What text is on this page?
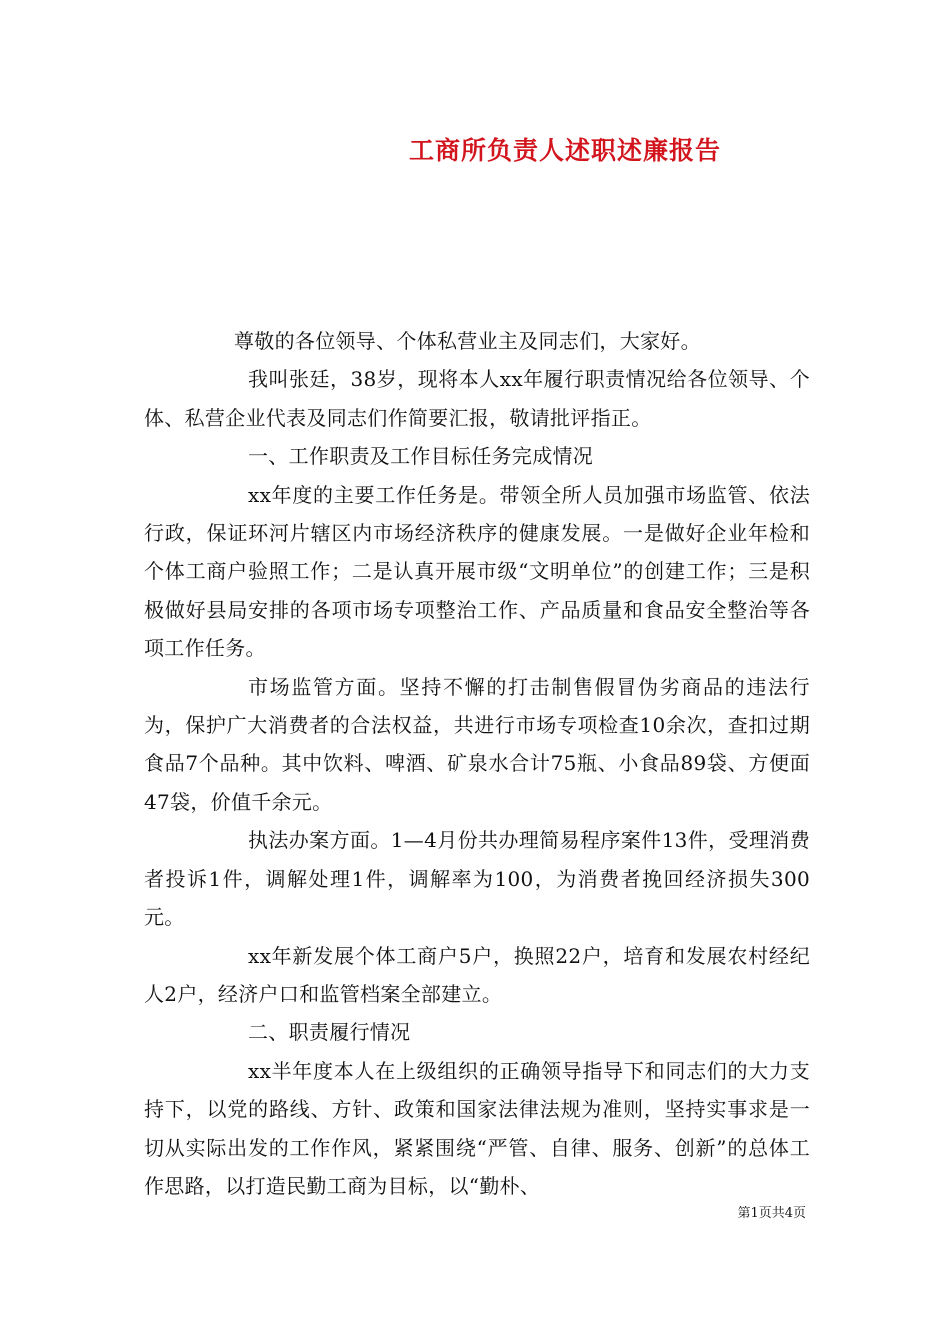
工商所负责人述职述廉报告

尊敬的各位领导、个体私营业主及同志们，大家好。

我叫张廷，38岁，现将本人xx年履行职责情况给各位领导、个体、私营企业代表及同志们作简要汇报，敬请批评指正。

一、工作职责及工作目标任务完成情况

xx年度的主要工作任务是。带领全所人员加强市场监管、依法行政，保证环河片辖区内市场经济秩序的健康发展。一是做好企业年检和个体工商户验照工作；二是认真开展市级“文明单位”的创建工作；三是积极做好县局安排的各项市场专项整治工作、产品质量和食品安全整治等各项工作任务。

市场监管方面。坚持不懈的打击制售假冒伪劣商品的违法行为，保护广大消费者的合法权益，共进行市场专项检查10余次，查扣过期食品7个品种。其中饮料、啤酒、矿泉水合计75瓶、小食品89袋、方便面47袋，价值千余元。

执法办案方面。1—4月份共办理简易程序案件13件，受理消费者投诉1件，调解处理1件，调解率为100，为消费者挽回经济损失300元。

xx年新发展个体工商户5户，换照22户，培育和发展农村经纪人2户，经济户口和监管档案全部建立。

二、职责履行情况

xx半年度本人在上级组织的正确领导指导下和同志们的大力支持下，以党的路线、方针、政策和国家法律法规为准则，坚持实事求是一切从实际出发的工作作风，紧紧围绕“严管、自律、服务、创新”的总体工作思路，以打造民勤工商为目标，以“勤朴、

第1页共4页
